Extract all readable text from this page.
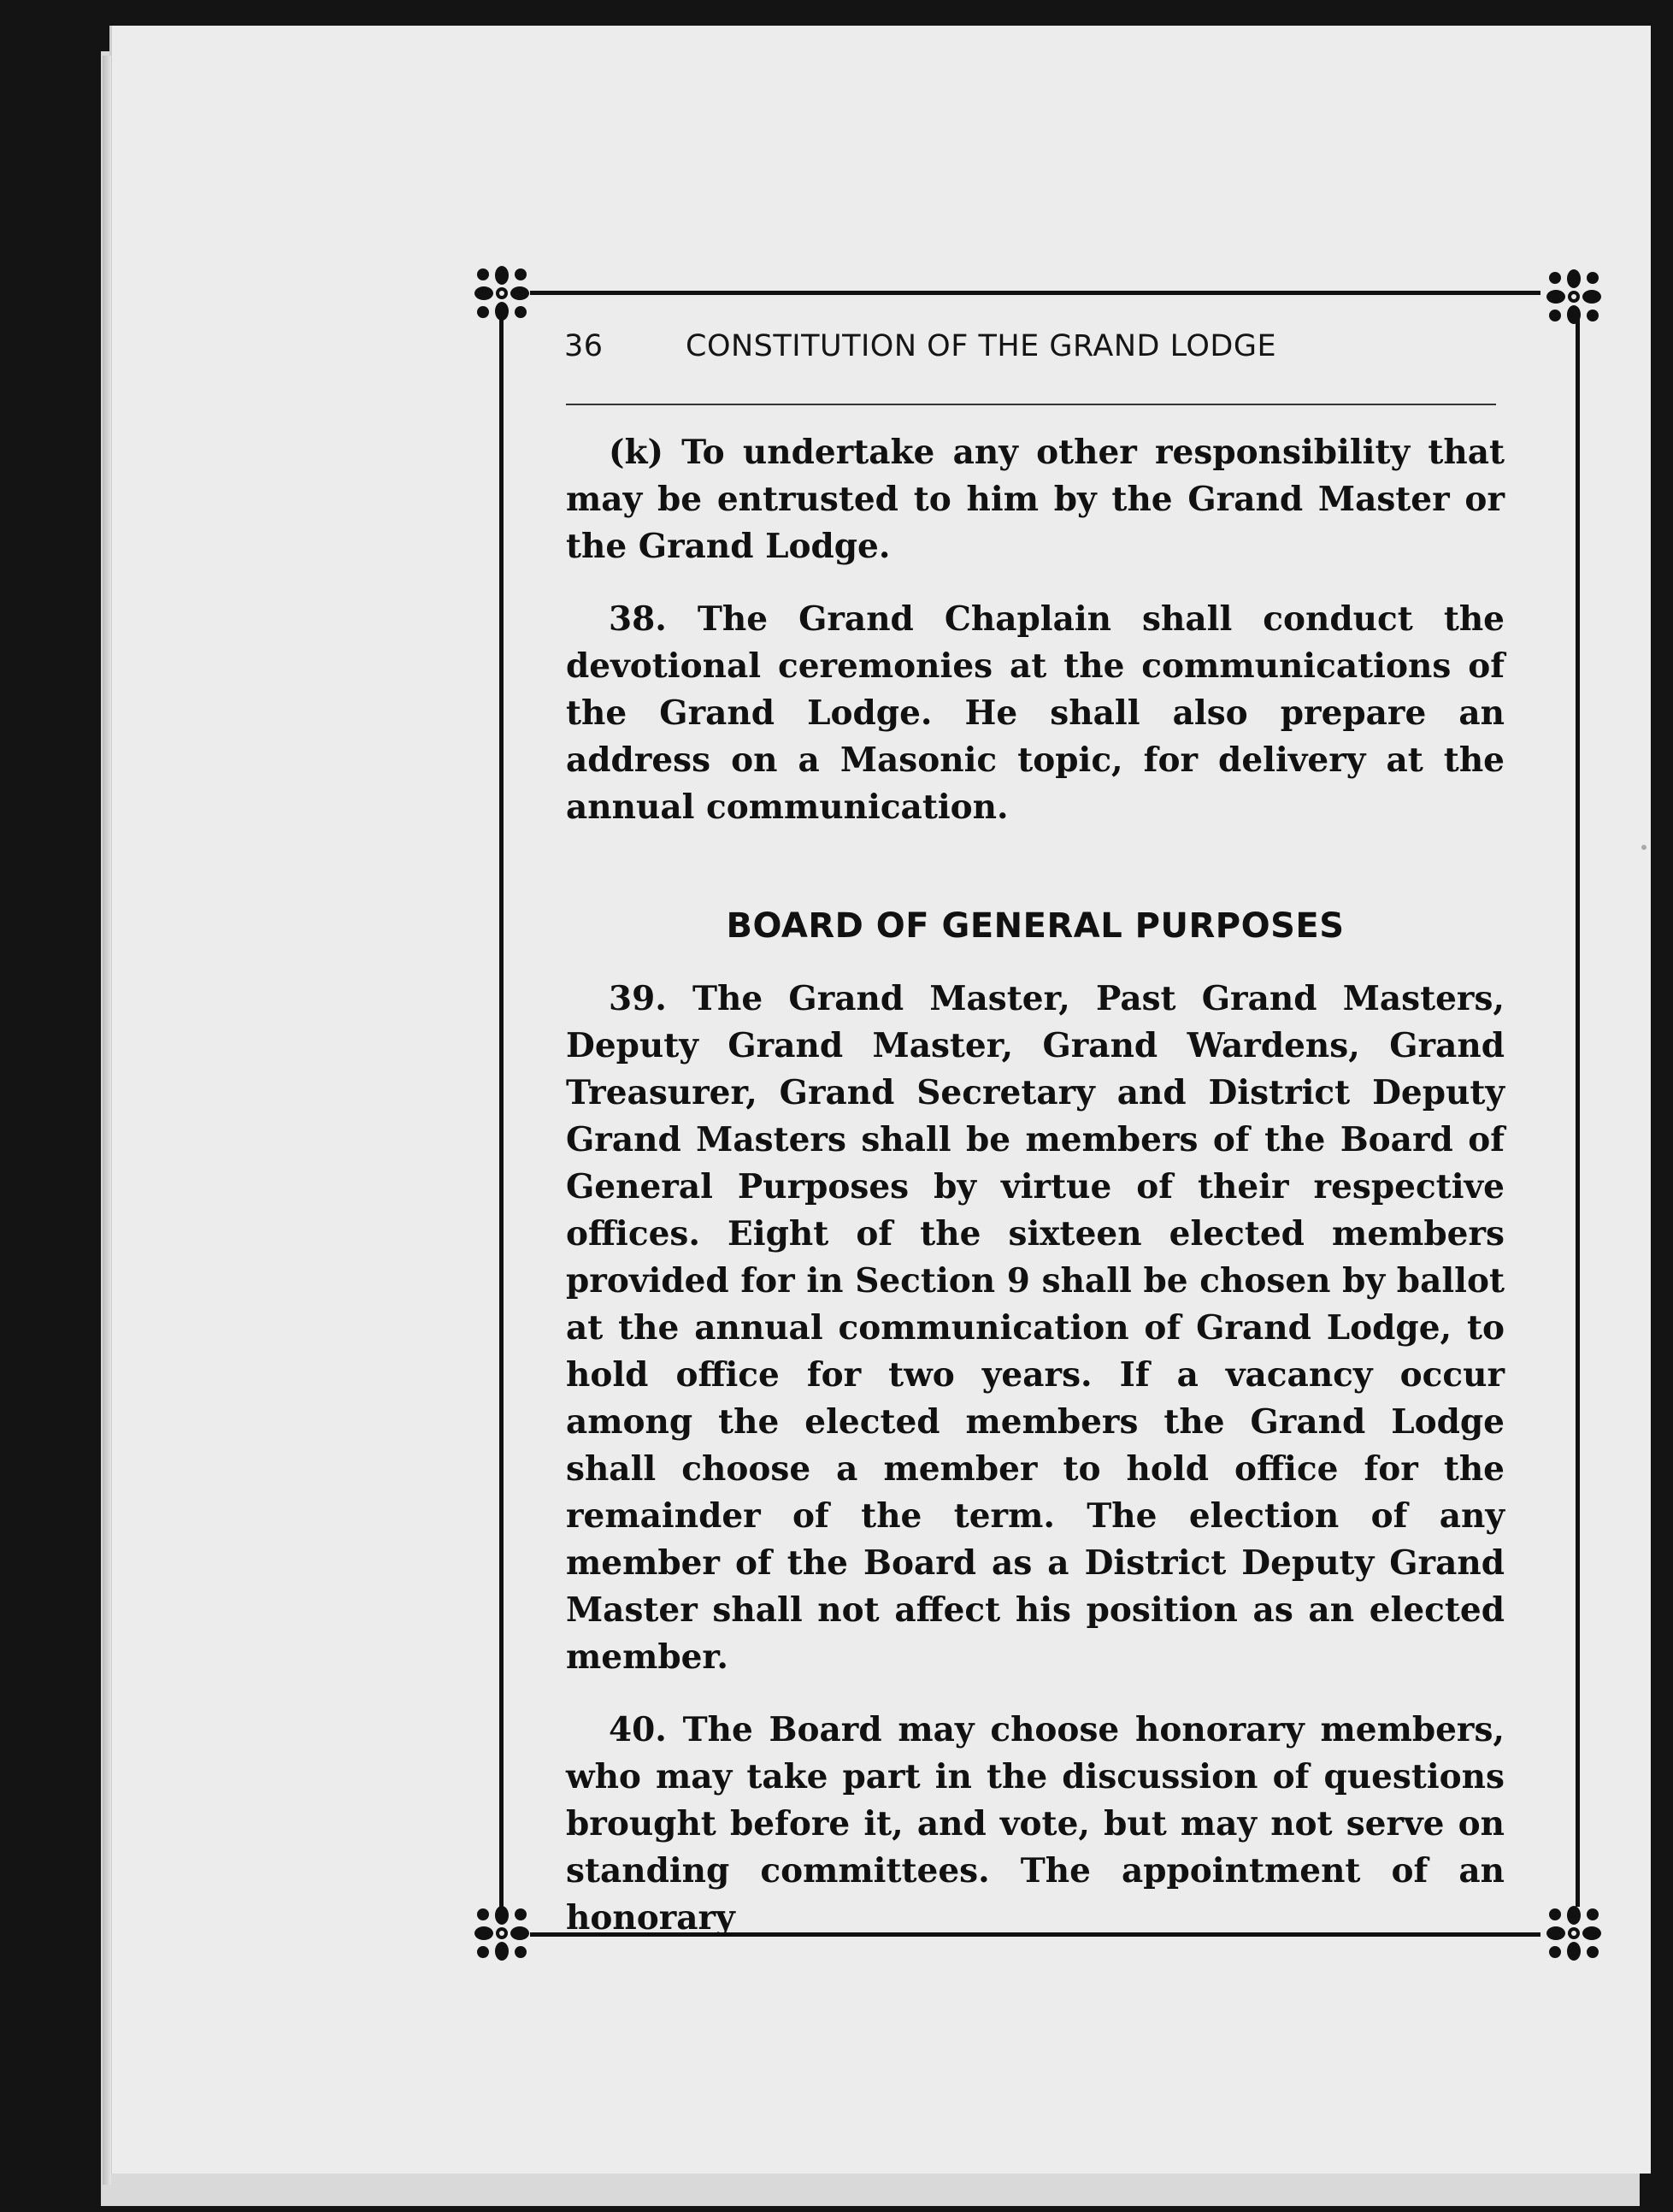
36	CONSTITUTION OF THE GRAND LODGE

(k) To undertake any other responsibility that may be entrusted to him by the Grand Master or the Grand Lodge.

38. The Grand Chaplain shall conduct the devotional ceremonies at the communications of the Grand Lodge. He shall also prepare an address on a Masonic topic, for delivery at the annual communication.

BOARD OF GENERAL PURPOSES

39. The Grand Master, Past Grand Masters, Deputy Grand Master, Grand Wardens, Grand Treasurer, Grand Secretary and District Deputy Grand Masters shall be members of the Board of General Purposes by virtue of their respective offices. Eight of the sixteen elected members provided for in Section 9 shall be chosen by ballot at the annual communication of Grand Lodge, to hold office for two years. If a vacancy occur among the elected members the Grand Lodge shall choose a member to hold office for the remainder of the term. The election of any member of the Board as a District Deputy Grand Master shall not affect his position as an elected member.

40. The Board may choose honorary members, who may take part in the discussion of questions brought before it, and vote, but may not serve on standing committees. The appointment of an honorary
